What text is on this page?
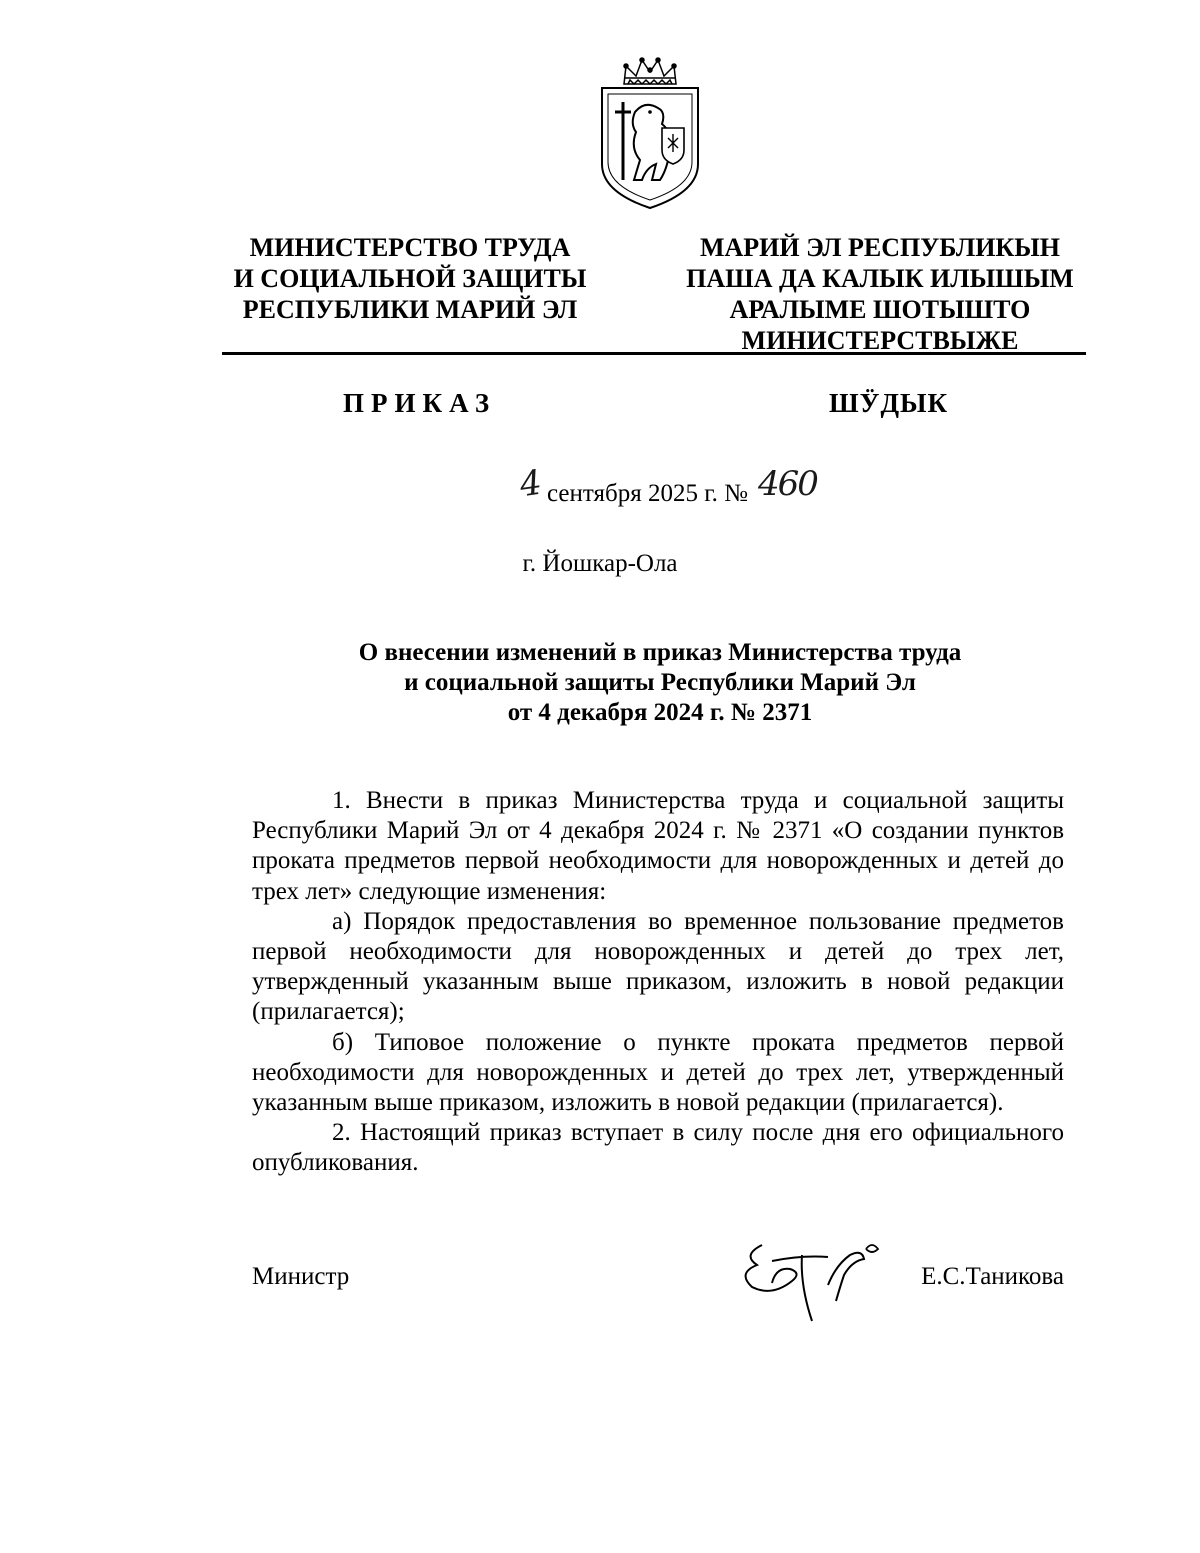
МИНИСТЕРСТВО ТРУДА
И СОЦИАЛЬНОЙ ЗАЩИТЫ
РЕСПУБЛИКИ МАРИЙ ЭЛ
МАРИЙ ЭЛ РЕСПУБЛИКЫН
ПАША ДА КАЛЫК ИЛЫШЫМ
АРАЛЫМЕ ШОТЫШТО
МИНИСТЕРСТВЫЖЕ
ПРИКАЗ	ШӰДЫК
4 сентября 2025 г. № 460
г. Йошкар-Ола
О внесении изменений в приказ Министерства труда
и социальной защиты Республики Марий Эл
от 4 декабря 2024 г. № 2371

1. Внести в приказ Министерства труда и социальной защиты Республики Марий Эл от 4 декабря 2024 г. № 2371 «О создании пунктов проката предметов первой необходимости для новорожденных и детей до трех лет» следующие изменения:

а) Порядок предоставления во временное пользование предметов первой необходимости для новорожденных и детей до трех лет, утвержденный указанным выше приказом, изложить в новой редакции (прилагается);

б) Типовое положение о пункте проката предметов первой необходимости для новорожденных и детей до трех лет, утвержденный указанным выше приказом, изложить в новой редакции (прилагается).

2. Настоящий приказ вступает в силу после дня его официального опубликования.

Министр	Е.С.Таникова
